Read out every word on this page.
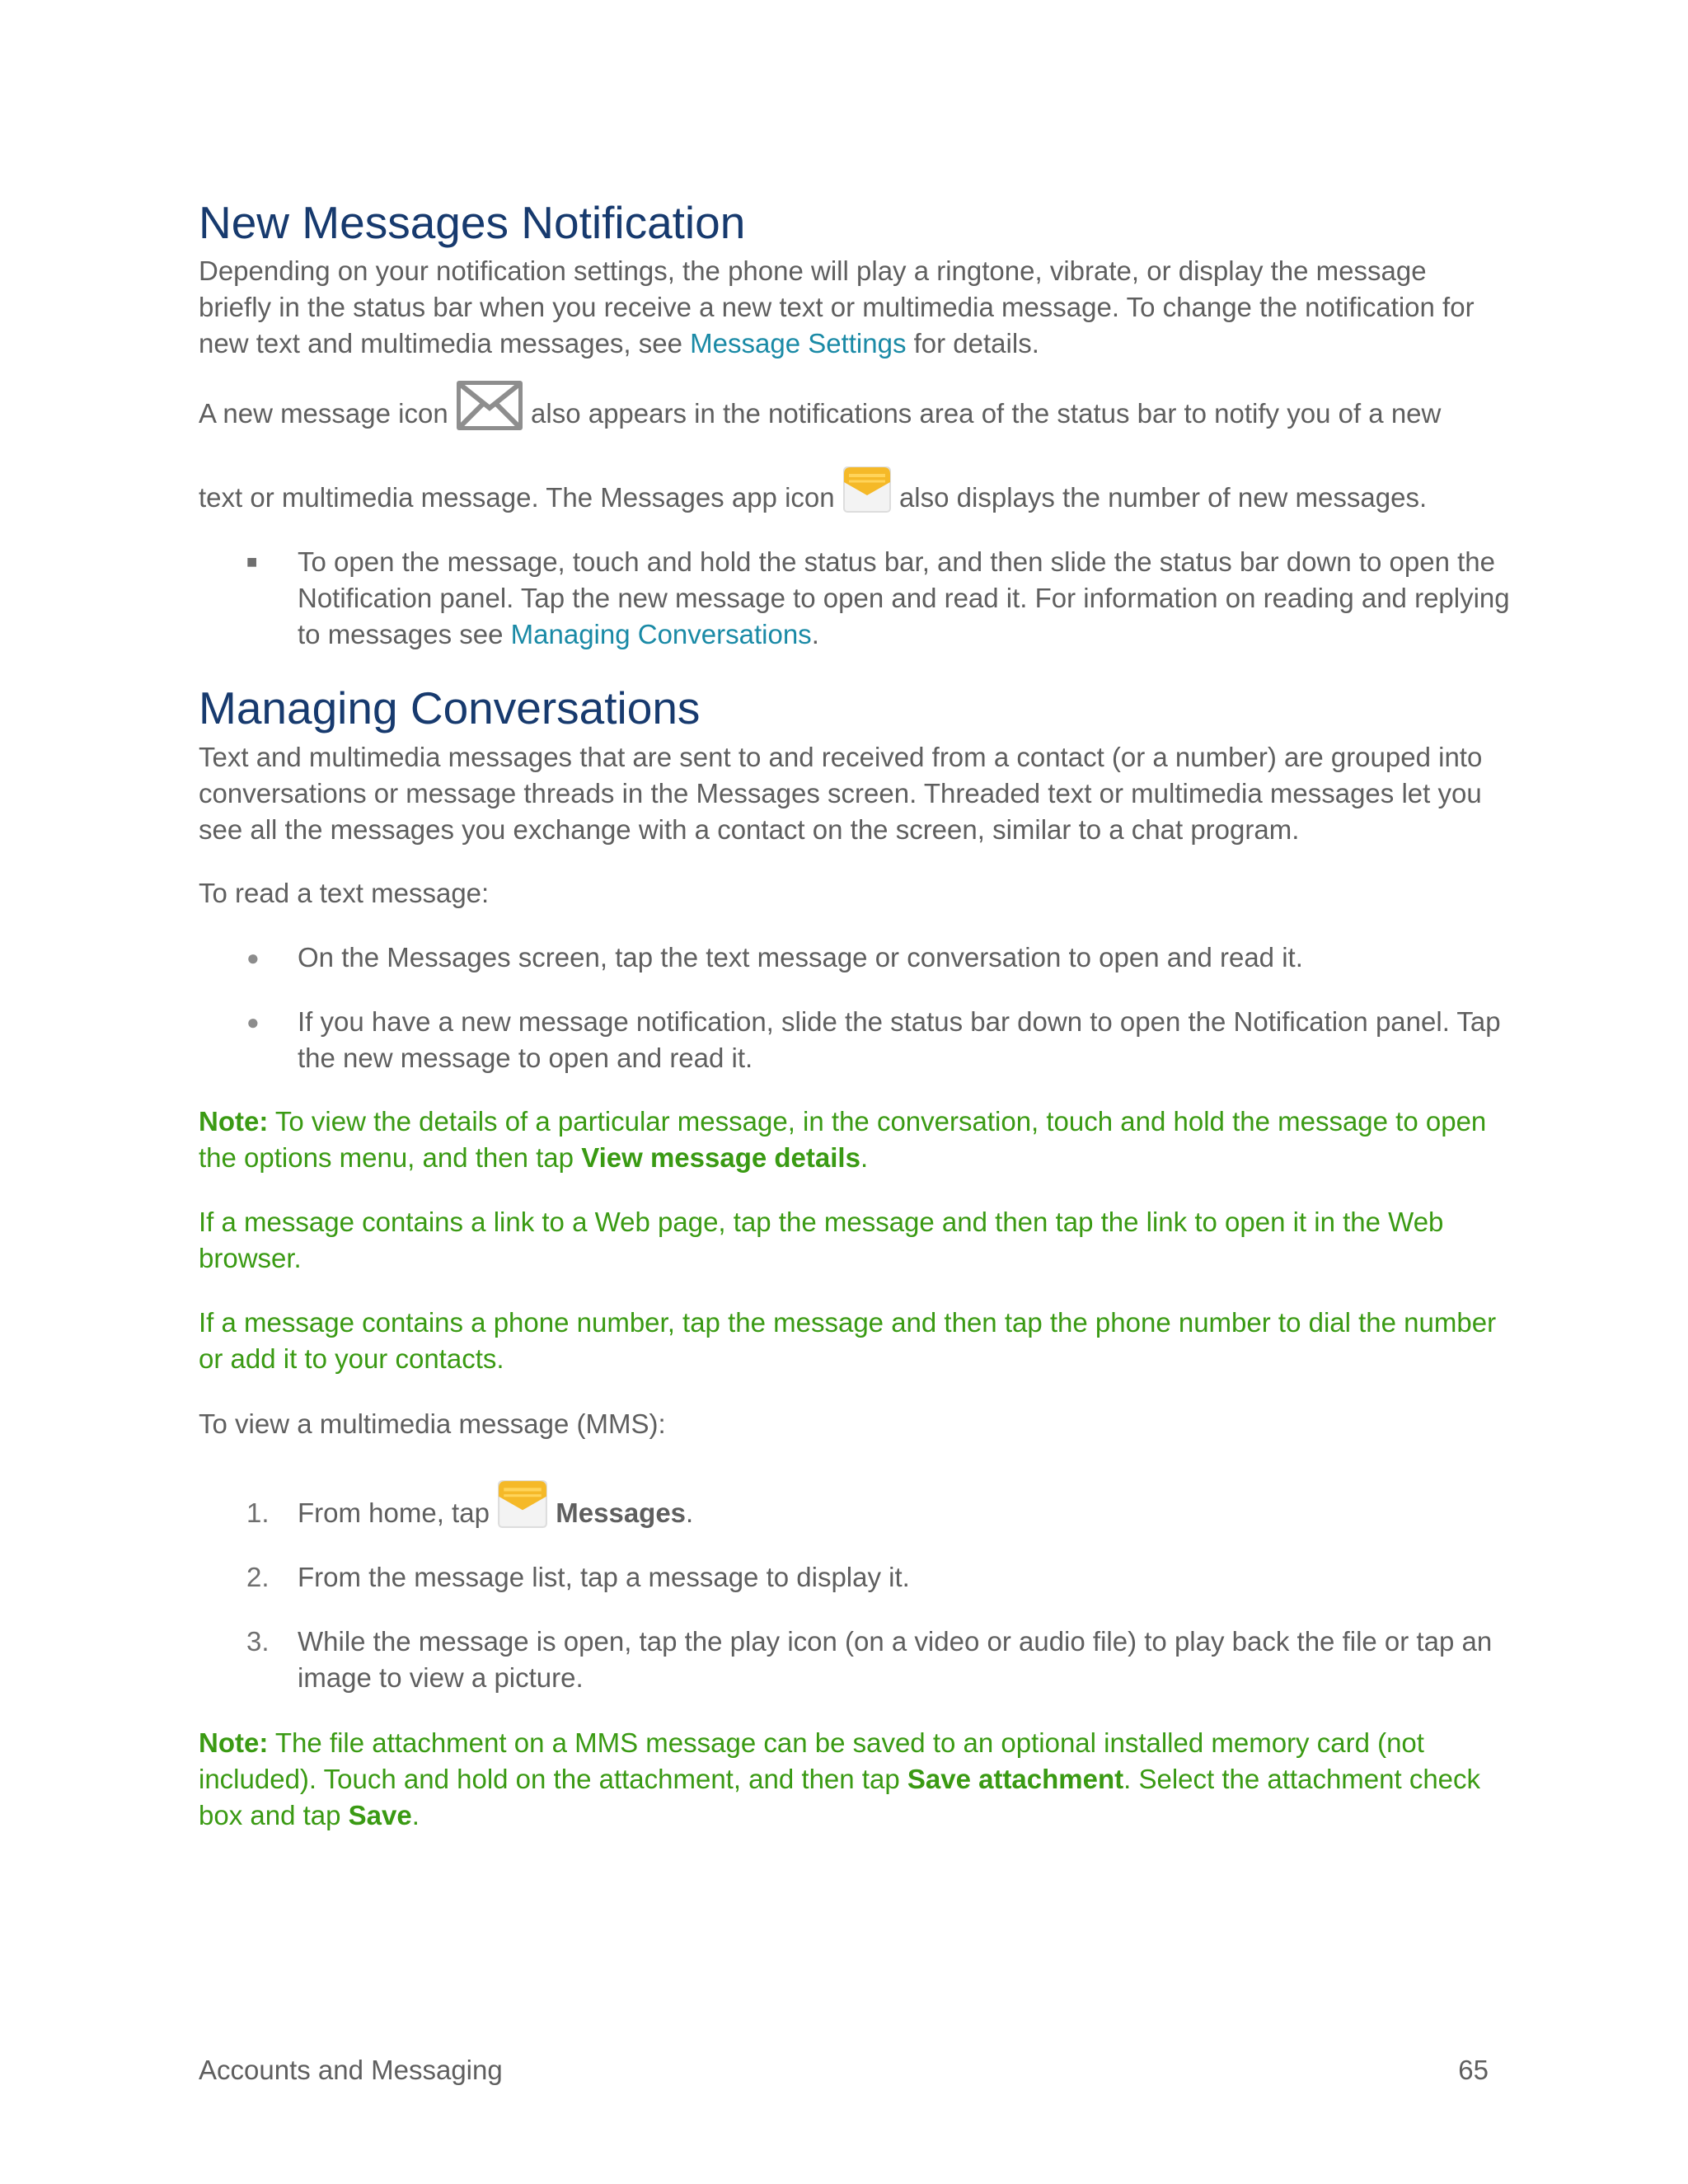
New Messages Notification

Depending on your notification settings, the phone will play a ringtone, vibrate, or display the message briefly in the status bar when you receive a new text or multimedia message. To change the notification for new text and multimedia messages, see Message Settings for details.

A new message icon  also appears in the notifications area of the status bar to notify you of a new

text or multimedia message. The Messages app icon  also displays the number of new messages.

■ To open the message, touch and hold the status bar, and then slide the status bar down to open the Notification panel. Tap the new message to open and read it. For information on reading and replying to messages see Managing Conversations.
Managing Conversations

Text and multimedia messages that are sent to and received from a contact (or a number) are grouped into conversations or message threads in the Messages screen. Threaded text or multimedia messages let you see all the messages you exchange with a contact on the screen, similar to a chat program.

To read a text message:

● On the Messages screen, tap the text message or conversation to open and read it.
● If you have a new message notification, slide the status bar down to open the Notification panel. Tap the new message to open and read it.

Note: To view the details of a particular message, in the conversation, touch and hold the message to open the options menu, and then tap View message details.

If a message contains a link to a Web page, tap the message and then tap the link to open it in the Web browser.

If a message contains a phone number, tap the message and then tap the phone number to dial the number or add it to your contacts.

To view a multimedia message (MMS):

1. From home, tap  Messages.
2. From the message list, tap a message to display it.
3. While the message is open, tap the play icon (on a video or audio file) to play back the file or tap an image to view a picture.

Note: The file attachment on a MMS message can be saved to an optional installed memory card (not included). Touch and hold on the attachment, and then tap Save attachment. Select the attachment check box and tap Save.

Accounts and Messaging	65
